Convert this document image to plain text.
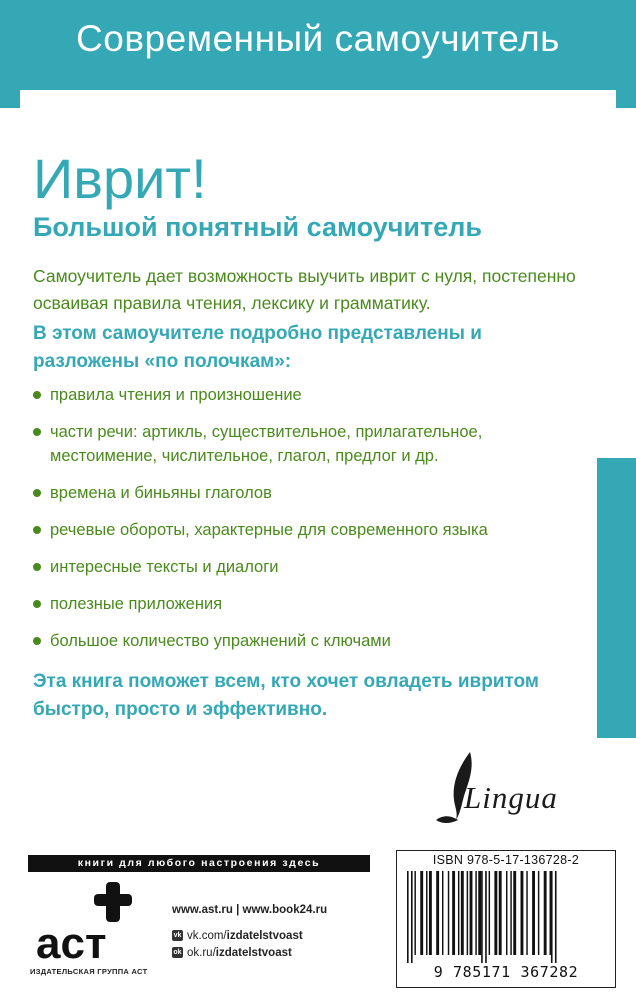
Современный самоучитель
Иврит!
Большой понятный самоучитель
Самоучитель дает возможность выучить иврит с нуля, постепенно осваивая правила чтения, лексику и грамматику.
В этом самоучителе подробно представлены и разложены «по полочкам»:
правила чтения и произношение
части речи: артикль, существительное, прилагательное, местоимение, числительное, глагол, предлог и др.
времена и биньяны глаголов
речевые обороты, характерные для современного языка
интересные тексты и диалоги
полезные приложения
большое количество упражнений с ключами
Эта книга поможет всем, кто хочет овладеть ивритом быстро, просто и эффективно.
Lingua
книги для любого настроения здесь
аст
ИЗДАТЕЛЬСКАЯ ГРУППА АСТ
www.ast.ru | www.book24.ru
vk vk.com/ izdatelstvoast
ok ok.ru/ izdatelstvoast
ISBN 978-5-17-136728-2
9 785171 367282
